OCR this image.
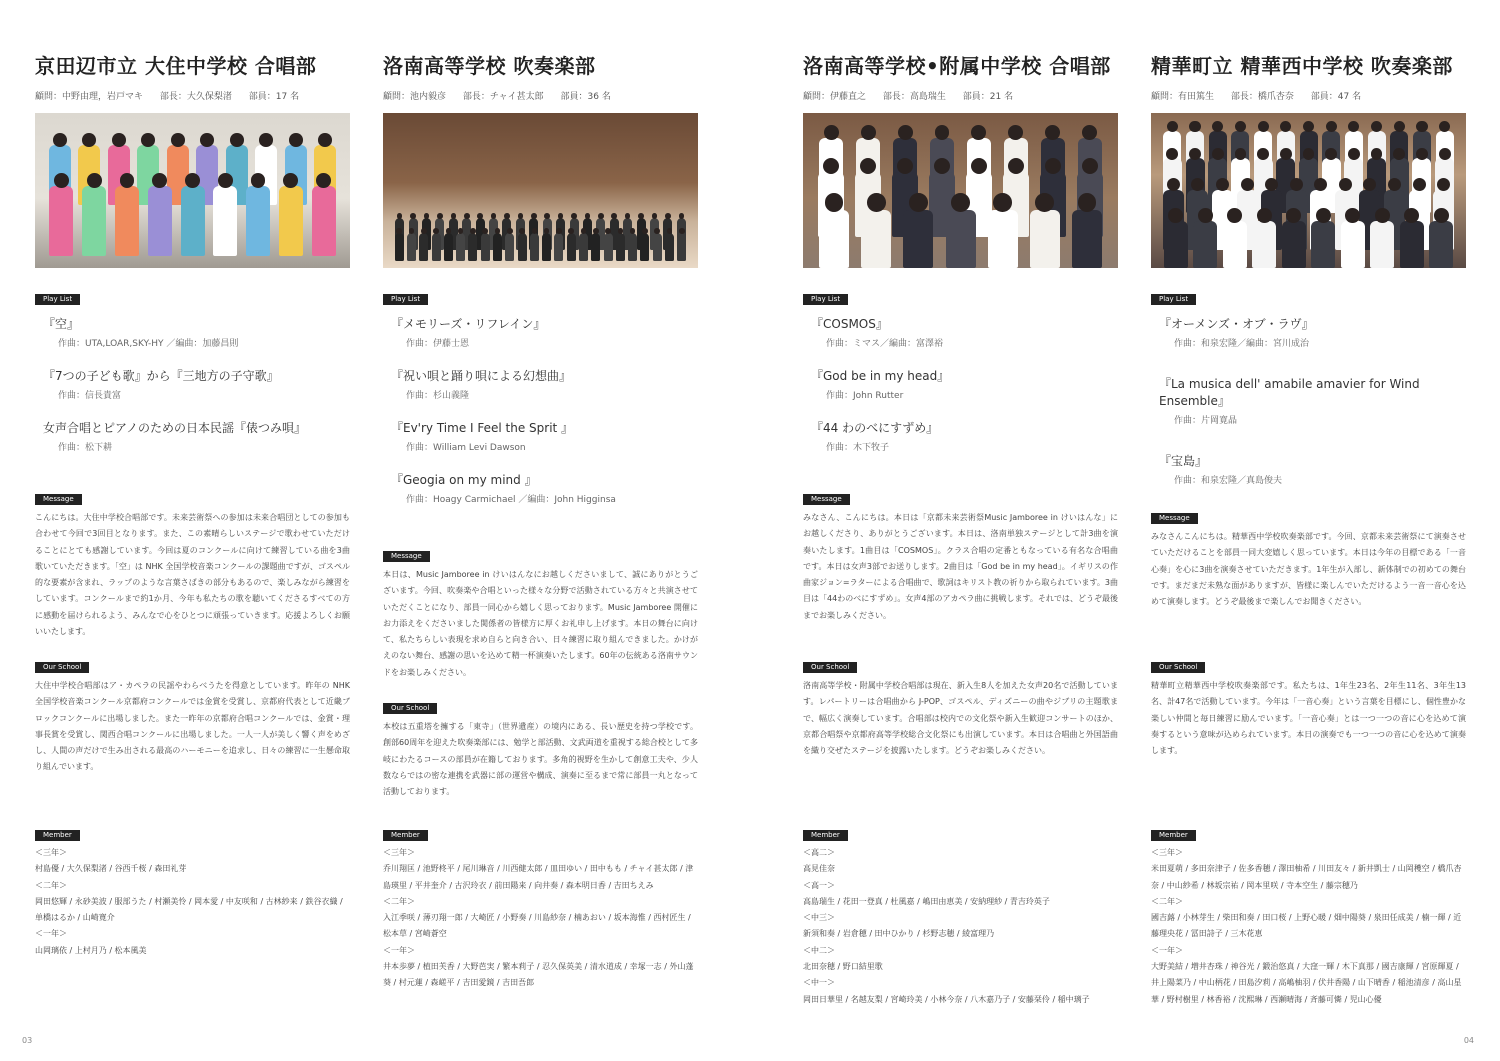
京田辺市立 大住中学校 合唱部
顧問：中野由理，岩戸マキ 部長：大久保梨渚 部員：17 名
Play List
『空』
作曲：UTA,LOAR,SKY-HY ／編曲：加藤昌則
『7つの子ども歌』から『三地方の子守歌』
作曲：信長貴富
女声合唱とピアノのための日本民謡『俵つみ唄』
作曲：松下耕
Message
こんにちは。大住中学校合唱部です。未来芸術祭への参加は未来合唱団としての参加も合わせて今回で3回目となります。また、この素晴らしいステージで歌わせていただけることにとても感謝しています。今回は夏のコンクールに向けて練習している曲を3曲歌いていただきます。「空」は NHK 全国学校音楽コンクールの課題曲ですが、ゴスペル的な要素が含まれ、ラップのような言葉さばきの部分もあるので、楽しみながら練習をしています。コンクールまで約1か月、今年も私たちの歌を聴いてくださるすべての方に感動を届けられるよう、みんなで心をひとつに頑張っていきます。応援よろしくお願いいたします。
Our School
大住中学校合唱部はア・カペラの民謡やわらべうたを得意としています。昨年の NHK 全国学校音楽コンクール京都府コンクールでは金賞を受賞し、京都府代表として近畿ブロックコンクールに出場しました。また一昨年の京都府合唱コンクールでは、金賞・理事長賞を受賞し、関西合唱コンクールに出場しました。一人一人が美しく響く声をめざし、人間の声だけで生み出される最高のハーモニーを追求し、日々の練習に一生懸命取り組んでいます。
Member
＜三年＞
村島優 / 大久保梨渚 / 谷西千桜 / 森田礼芽
＜二年＞
岡田悠輝 / 永砂美波 / 服部うた / 村瀬美怜 / 岡本愛 / 中友咲和 / 古林紗来 / 鉄谷衣織 / 单橋はるか / 山崎寛介
＜一年＞
山岡璃依 / 上村月乃 / 松本風美
洛南高等学校 吹奏楽部
顧問：池内毅彦 部長：チャイ甚太郎 部員：36 名
Play List
『メモリーズ・リフレイン』
作曲：伊藤士恩
『祝い唄と踊り唄による幻想曲』
作曲：杉山義隆
『Ev'ry Time I Feel the Sprit 』
作曲：William Levi Dawson
『Geogia on my mind 』
作曲：Hoagy Carmichael ／編曲：John Higginsa
Message
本日は、Music Jamboree in けいはんなにお越しくださいまして、誠にありがとうございます。今回、吹奏楽や合唱といった様々な分野で活動されている方々と共演させていただくことになり、部員一同心から嬉しく思っております。Music Jamboree 開催にお力添えをくださいました関係者の皆様方に厚くお礼申し上げます。本日の舞台に向けて、私たちらしい表現を求め自らと向き合い、日々練習に取り組んできました。かけがえのない舞台、感謝の思いを込めて精一杯演奏いたします。60年の伝統ある洛南サウンドをお楽しみください。
Our School
本校は五重塔を擁する「東寺」（世界遺産）の境内にある、長い歴史を持つ学校です。創部60周年を迎えた吹奏楽部には、勉学と部活動、文武両道を重視する総合校として多岐にわたるコースの部員が在籍しております。多角的視野を生かして創意工夫や、少人数ならではの密な連携を武器に部の運営や構成、演奏に至るまで常に部員一丸となって活動しております。
Member
＜三年＞
乔川翔匡 / 池野柊平 / 尾川琳音 / 川西健太郎 / 皿田ゆい / 田中もも / チャイ甚太郎 / 津島瑛里 / 平井奎介 / 古沢玲衣 / 前田陽来 / 向井奏 / 森本明日香 / 吉田ちえみ
＜二年＞
入江季咲 / 薄刃翔一郎 / 大崎匠 / 小野奏 / 川島紗奈 / 楠あおい / 坂本海惟 / 西村匠生 / 松本草 / 宮崎蒼空
＜一年＞
井本歩夢 / 植田芙香 / 大野芭実 / 繁本莉子 / 忍久保英美 / 清水道成 / 幸塚一志 / 外山蓬葵 / 村元蓮 / 森嵯平 / 吉田愛鏡 / 吉田吾郎
洛南高等学校•附属中学校 合唱部
顧問：伊藤直之 部長：高島瑞生 部員：21 名
Play List
『COSMOS』
作曲：ミマス／編曲：富澤裕
『God be in my head』
作曲：John Rutter
『44 わのべにすずめ』
作曲：木下牧子
Message
みなさん、こんにちは。本日は「京都未来芸術祭Music Jamboree in けいはんな」にお越しくださり、ありがとうございます。本日は、洛南単独ステージとして計3曲を演奏いたします。1曲目は「COSMOS」。クラス合唱の定番ともなっている有名な合唱曲です。本日は女声3部でお送りします。2曲目は「God be in my head」。イギリスの作曲家ジョン=ラターによる合唱曲で、歌詞はキリスト教の祈りから取られています。3曲目は「44わのべにすずめ」。女声4部のアカペラ曲に挑戦します。それでは、どうぞ最後までお楽しみください。
Our School
洛南高等学校・附属中学校合唱部は現在、新入生8人を加えた女声20名で活動しています。レパートリーは合唱曲から J-POP、ゴスペル、ディズニーの曲やジブリの主題歌まで、幅広く演奏しています。合唱部は校内での文化祭や新入生歓迎コンサートのほか、京都合唱祭や京都府高等学校総合文化祭にも出演しています。本日は合唱曲と外国語曲を織り交ぜたステージを披露いたします。どうぞお楽しみください。
Member
＜高二＞
高見佳奈
＜高一＞
高島瑞生 / 花田一登真 / 杜風嘉 / 嶋田由恵美 / 安納理紗 / 青吉玲英子
＜中三＞
新須和奏 / 岩倉穂 / 田中ひかり / 杉野志穂 / 綾富理乃
＜中二＞
北田奈穂 / 野口結里歌
＜中一＞
岡田日華里 / 名越友梨 / 宮崎玲美 / 小林今奈 / 八木嘉乃子 / 安藤栞伶 / 稲中璃子
精華町立 精華西中学校 吹奏楽部
顧問：有田篤生 部長：橋爪杏奈 部員：47 名
Play List
『オーメンズ・オブ・ラヴ』
作曲：和泉宏隆／編曲：宮川成治
『La musica dell' amabile amavier for Wind Ensemble』
作曲：片岡寛晶
『宝島』
作曲：和泉宏隆／真島俊夫
Message
みなさんこんにちは。精華西中学校吹奏楽部です。今回、京都未来芸術祭にて演奏させていただけることを部員一同大変嬉しく思っています。本日は今年の目標である「一音心奏」を心に3曲を演奏させていただきます。1年生が入部し、新体制での初めての舞台です。まだまだ未熟な面がありますが、皆様に楽しんでいただけるよう一音一音心を込めて演奏します。どうぞ最後まで楽しんでお聞きください。
Our School
精華町立精華西中学校吹奏楽部です。私たちは、1年生23名、2年生11名、3年生13名、計47名で活動しています。今年は「一音心奏」という言葉を目標にし、個性豊かな楽しい仲間と毎日練習に励んでいます。「一音心奏」とは一つ一つの音に心を込めて演奏するという意味が込められています。本日の演奏でも一つ一つの音に心を込めて演奏します。
Member
＜三年＞
米田夏萌 / 多田奈津子 / 佐多香穂 / 澤田柚希 / 川田友々 / 新井凱士 / 山岡穫空 / 橋爪杏奈 / 中山紗希 / 林坂宗祐 / 岡本里咲 / 寺本空生 / 藤宗穂乃
＜二年＞
國吉蕗 / 小林芽生 / 柴田和奏 / 田口桜 / 上野心暖 / 畑中陽葵 / 泉田任成美 / 楠一輝 / 近藤理央花 / 冨田詩子 / 三木花恵
＜一年＞
大野美結 / 増井杏珠 / 神谷光 / 鍛治悠真 / 大窪一輝 / 木下真那 / 國吉康輝 / 宮原輝夏 / 井上陽菜乃 / 中山柄花 / 田島汐莉 / 高嶋柚羽 / 伏井香陽 / 山下晴香 / 稲池清彦 / 高山星華 / 野村樹里 / 林香裕 / 沈熙琳 / 西瀬晴海 / 斉藤可憐 / 児山心優
03	04
